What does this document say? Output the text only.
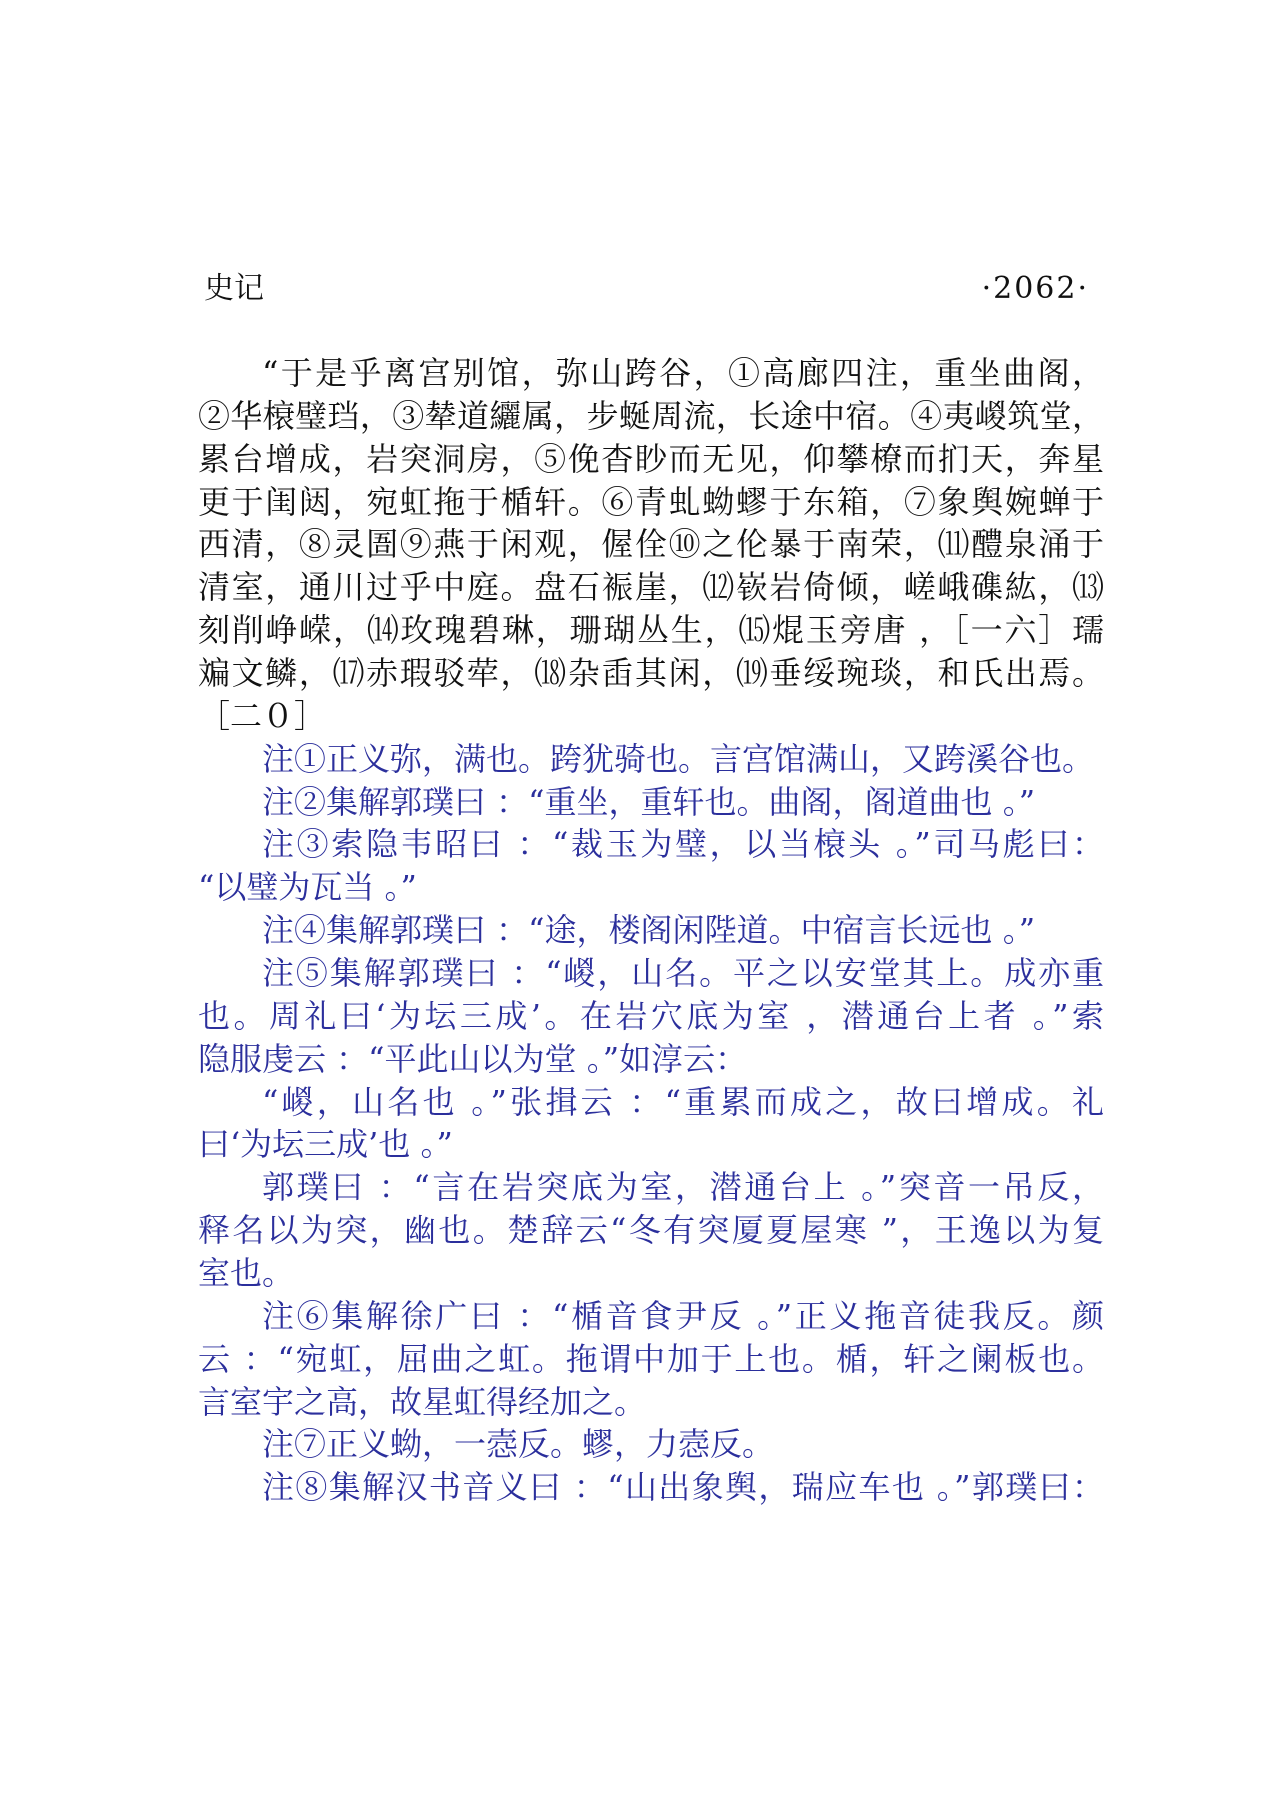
史记	·2062·
“于是乎离宫别馆，弥山跨谷，①高廊四注，重坐曲阁，
②华榱璧珰，③辇道纚属，步蜒周流，长途中宿。④夷嵕筑堂，
累台增成，岩突洞房，⑤俛杳眇而无见，仰攀橑而扪天，奔星
更于闺闼，宛虹拖于楯轩。⑥青虬蚴蟉于东箱，⑦象舆婉蝉于
西清，⑧灵圄⑨燕于闲观，偓佺⑩之伦暴于南荣，⑾醴泉涌于
清室，通川过乎中庭。盘石裖崖，⑿嵚岩倚倾，嵯峨磼紘，⒀
刻削峥嵘，⒁玫瑰碧琳，珊瑚丛生，⒂焜玉旁唐 ，［一六］瓀
斒文鳞，⒄赤瑕驳荦，⒅杂臿其闲，⒆垂绥琬琰，和氏出焉。
［二０］
注①正义弥，满也。跨犹骑也。言宫馆满山，又跨溪谷也。
注②集解郭璞曰 ：“重坐，重轩也。曲阁，阁道曲也 。”
注③索隐韦昭曰 ：“裁玉为璧，以当榱头 。”司马彪曰：
“以璧为瓦当 。”
注④集解郭璞曰 ：“途，楼阁闲陛道。中宿言长远也 。”
注⑤集解郭璞曰 ：“嵕，山名。平之以安堂其上。成亦重
也。周礼曰‘为坛三成’。在岩穴底为室 ，潜通台上者 。”索
隐服虔云 ：“平此山以为堂 。”如淳云：
“嵕，山名也 。”张揖云 ：“重累而成之，故曰增成。礼
曰‘为坛三成’也 。”
郭璞曰 ：“言在岩突底为室，潜通台上 。”突音一吊反，
释名以为突，幽也。楚辞云“冬有突厦夏屋寒 ”，王逸以为复
室也。
注⑥集解徐广曰 ：“楯音食尹反 。”正义拖音徒我反。颜
云 ：“宛虹，屈曲之虹。拖谓中加于上也。楯，轩之阑板也。
言室宇之高，故星虹得经加之。
注⑦正义蚴，一悫反。蟉，力悫反。
注⑧集解汉书音义曰 ：“山出象舆，瑞应车也 。”郭璞曰：
